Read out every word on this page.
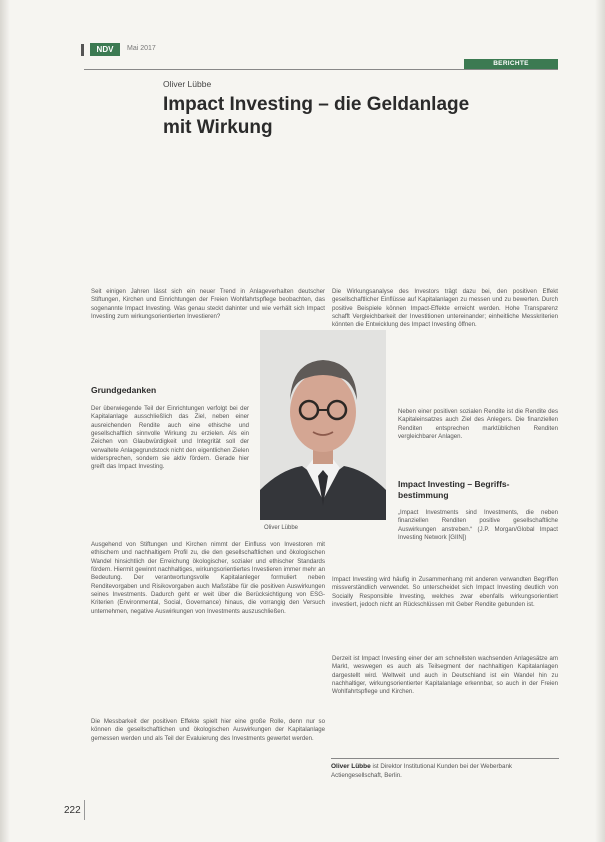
NDV	Mai 2017
BERICHTE
Oliver Lübbe
Impact Investing – die Geldanlage
mit Wirkung
Seit einigen Jahren lässt sich ein neuer Trend in Anlageverhalten deutscher Stiftungen, Kirchen und Einrichtungen der Freien Wohlfahrtspflege beobachten, das sogenannte Impact Investing. Was genau steckt dahinter und wie verhält sich Impact Investing zum wirkungsorientierten Investieren?
Grundgedanken
Der überwiegende Teil der Einrichtungen verfolgt bei der Kapitalanlage ausschließlich das Ziel, neben einer ausreichenden Rendite auch eine ethische und gesellschaftlich sinnvolle Wirkung zu erzielen. Als ein Zeichen von Glaubwürdigkeit und Integrität soll der verwaltete Anlagegrundstock nicht den eigentlichen Zielen widersprechen, sondern sie aktiv fördern. Gerade hier greift das Impact Investing.
Oliver Lübbe
Ausgehend von Stiftungen und Kirchen nimmt der Einfluss von Investoren mit ethischem und nachhaltigem Profil zu, die den gesellschaftlichen und ökologischen Wandel hinsichtlich der Erreichung ökologischer, sozialer und ethischer Standards fördern. Hiermit gewinnt nachhaltiges, wirkungsorientiertes Investieren immer mehr an Bedeutung. Der verantwortungsvolle Kapitalanleger formuliert neben Renditevorgaben und Risikovorgaben auch Maßstäbe für die positiven Auswirkungen seines Investments. Dadurch geht er weit über die Berücksichtigung von ESG-Kriterien (Environmental, Social, Governance) hinaus, die vorrangig den Versuch unternehmen, negative Auswirkungen von Investments auszuschließen.
Die Messbarkeit der positiven Effekte spielt hier eine große Rolle, denn nur so können die gesellschaftlichen und ökologischen Auswirkungen der Kapitalanlage gemessen werden und als Teil der Evaluierung des Investments gewertet werden.
Die Wirkungsanalyse des Investors trägt dazu bei, den positiven Effekt gesellschaftlicher Einflüsse auf Kapitalanlagen zu messen und zu bewerten. Durch positive Beispiele können Impact-Effekte erreicht werden. Hohe Transparenz schafft Vergleichbarkeit der Investitionen untereinander; einheitliche Messkriterien könnten die Entwicklung des Impact Investing öffnen.
Neben einer positiven sozialen Rendite ist die Rendite des Kapitaleinsatzes auch Ziel des Anlegers. Die finanziellen Renditen entsprechen marktüblichen Renditen vergleichbarer Anlagen.
Impact Investing – Begriffs-
bestimmung
„Impact Investments sind Investments, die neben finanziellen Renditen positive gesellschaftliche Auswirkungen anstreben.“ (J.P. Morgan/Global Impact Investing Network [GIIN])
Impact Investing wird häufig in Zusammenhang mit anderen verwandten Begriffen missverständlich verwendet. So unterscheidet sich Impact Investing deutlich von Socially Responsible Investing, welches zwar ebenfalls wirkungsorientiert investiert, jedoch nicht an Rückschlüssen mit Geber Rendite gebunden ist.
Derzeit ist Impact Investing einer der am schnellsten wachsenden Anlagesätze am Markt, weswegen es auch als Teilsegment der nachhaltigen Kapitalanlagen dargestellt wird. Weltweit und auch in Deutschland ist ein Wandel hin zu nachhaltiger, wirkungsorientierter Kapitalanlage erkennbar, so auch in der Freien Wohlfahrtspflege und Kirchen.
Oliver Lübbe ist Direktor Institutional Kunden bei der Weberbank Actiengesellschaft, Berlin.
222
